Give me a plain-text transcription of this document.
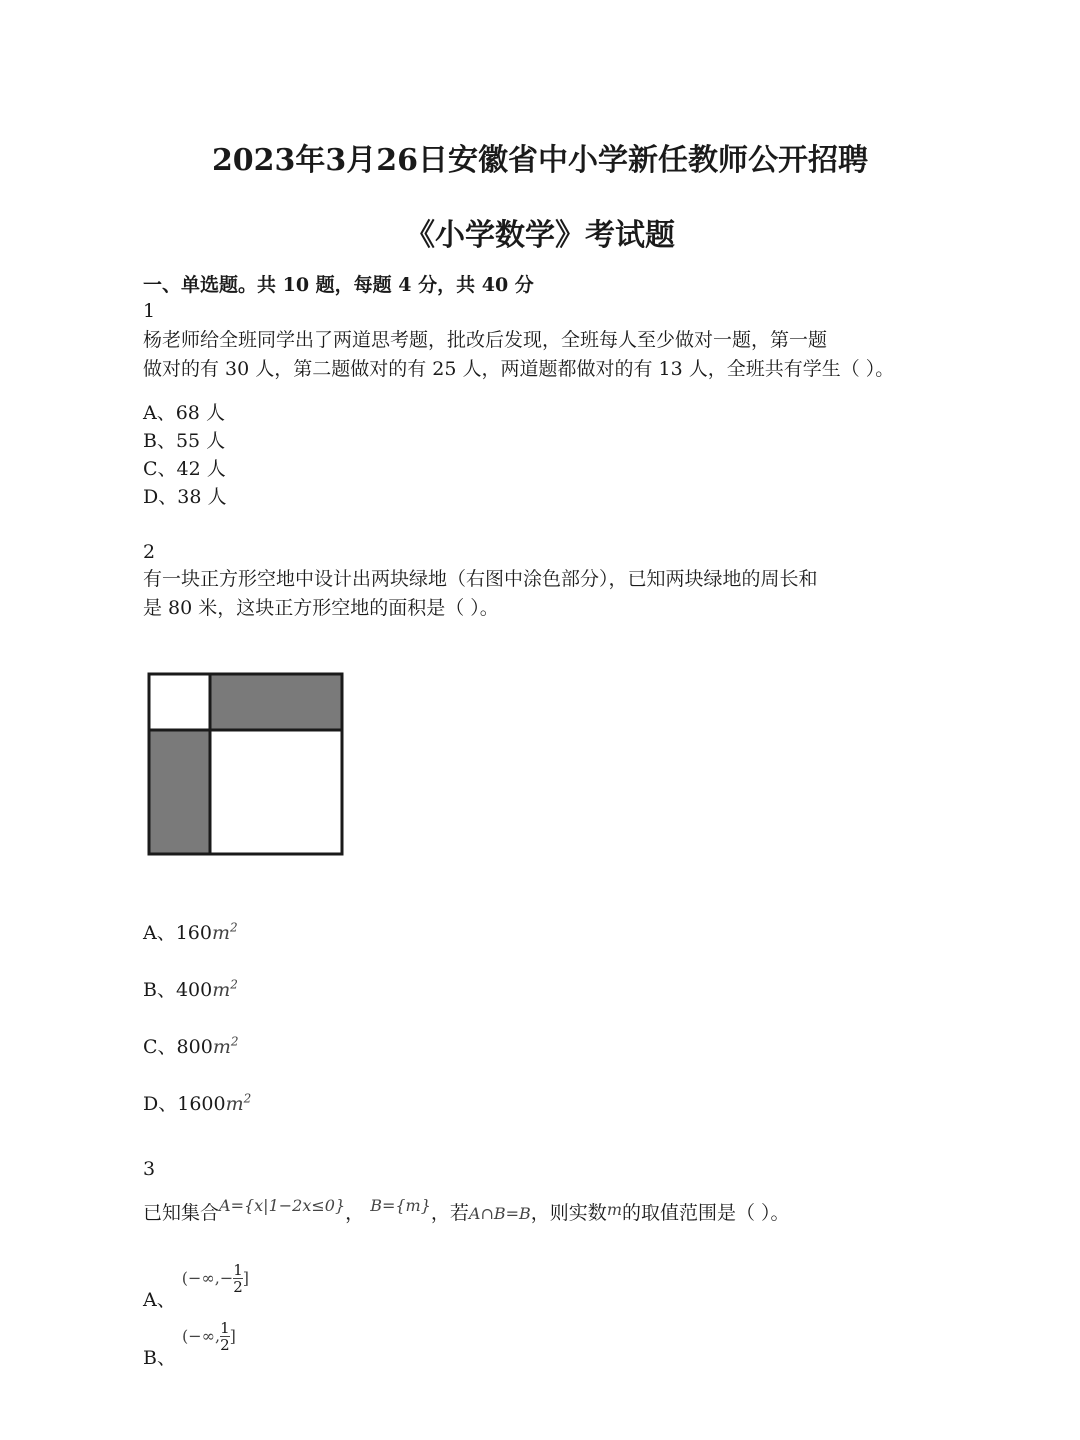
2023年3月26日安徽省中小学新任教师公开招聘
《小学数学》考试题
一、单选题。共 10 题，每题 4 分，共 40 分
1
杨老师给全班同学出了两道思考题，批改后发现，全班每人至少做对一题，第一题
做对的有 30 人，第二题做对的有 25 人，两道题都做对的有 13 人，全班共有学生（ ）。
A、68 人
B、55 人
C、42 人
D、38 人
2
有一块正方形空地中设计出两块绿地（右图中涂色部分），已知两块绿地的周长和
是 80 米，这块正方形空地的面积是（ ）。
A、$160m^2$
B、$400m^2$
C、$800m^2$
D、$1600m^2$
3
已知集合$^{A=\{x|1-2x\le 0\}}$， $^{B=\{m\}}$，若A∩B=B，则实数$^m$的取值范围是（ ）。
A、 ($-\infty,-\frac{1}{2}$ ]
B、 ($-\infty,\frac{1}{2}$ ]
